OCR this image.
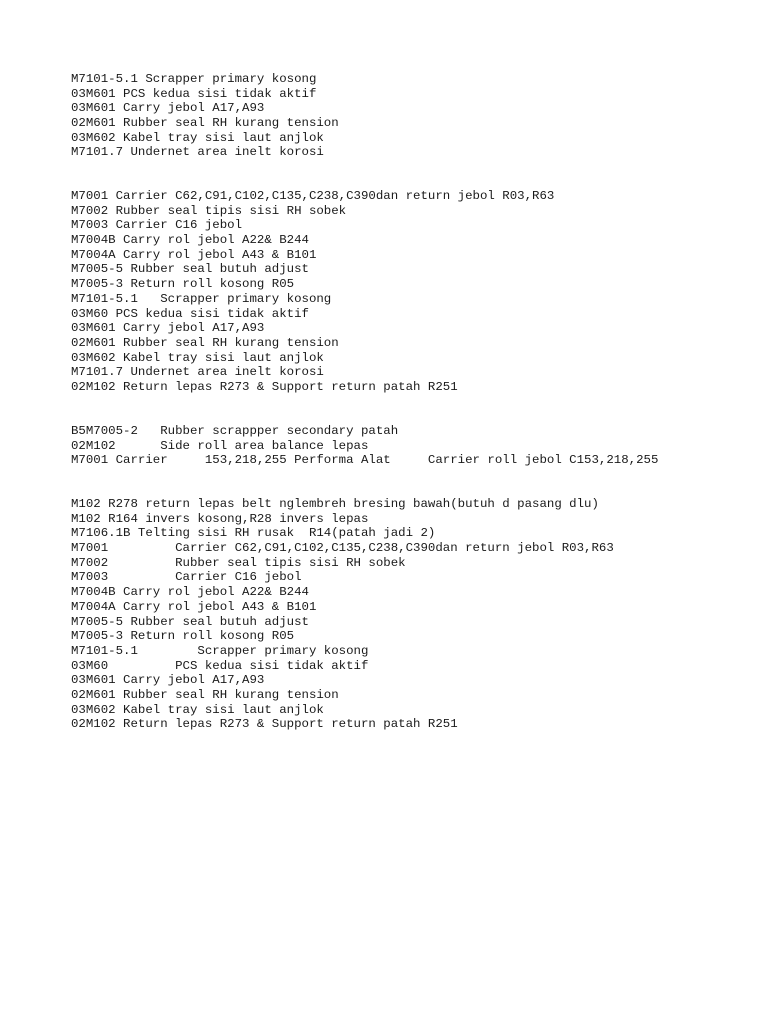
M7101-5.1 Scrapper primary kosong
03M601 PCS kedua sisi tidak aktif
03M601 Carry jebol A17,A93
02M601 Rubber seal RH kurang tension
03M602 Kabel tray sisi laut anjlok
M7101.7 Undernet area inelt korosi
M7001 Carrier C62,C91,C102,C135,C238,C390dan return jebol R03,R63
M7002 Rubber seal tipis sisi RH sobek
M7003 Carrier C16 jebol
M7004B Carry rol jebol A22& B244
M7004A Carry rol jebol A43 & B101
M7005-5 Rubber seal butuh adjust
M7005-3 Return roll kosong R05
M7101-5.1   Scrapper primary kosong
03M60 PCS kedua sisi tidak aktif
03M601 Carry jebol A17,A93
02M601 Rubber seal RH kurang tension
03M602 Kabel tray sisi laut anjlok
M7101.7 Undernet area inelt korosi
02M102 Return lepas R273 & Support return patah R251
B5M7005-2   Rubber scrappper secondary patah
02M102      Side roll area balance lepas
M7001 Carrier     153,218,255 Performa Alat     Carrier roll jebol C153,218,255
M102 R278 return lepas belt nglembreh bresing bawah(butuh d pasang dlu)
M102 R164 invers kosong,R28 invers lepas
M7106.1B Telting sisi RH rusak  R14(patah jadi 2)
M7001         Carrier C62,C91,C102,C135,C238,C390dan return jebol R03,R63
M7002         Rubber seal tipis sisi RH sobek
M7003         Carrier C16 jebol
M7004B Carry rol jebol A22& B244
M7004A Carry rol jebol A43 & B101
M7005-5 Rubber seal butuh adjust
M7005-3 Return roll kosong R05
M7101-5.1        Scrapper primary kosong
03M60         PCS kedua sisi tidak aktif
03M601 Carry jebol A17,A93
02M601 Rubber seal RH kurang tension
03M602 Kabel tray sisi laut anjlok
02M102 Return lepas R273 & Support return patah R251
